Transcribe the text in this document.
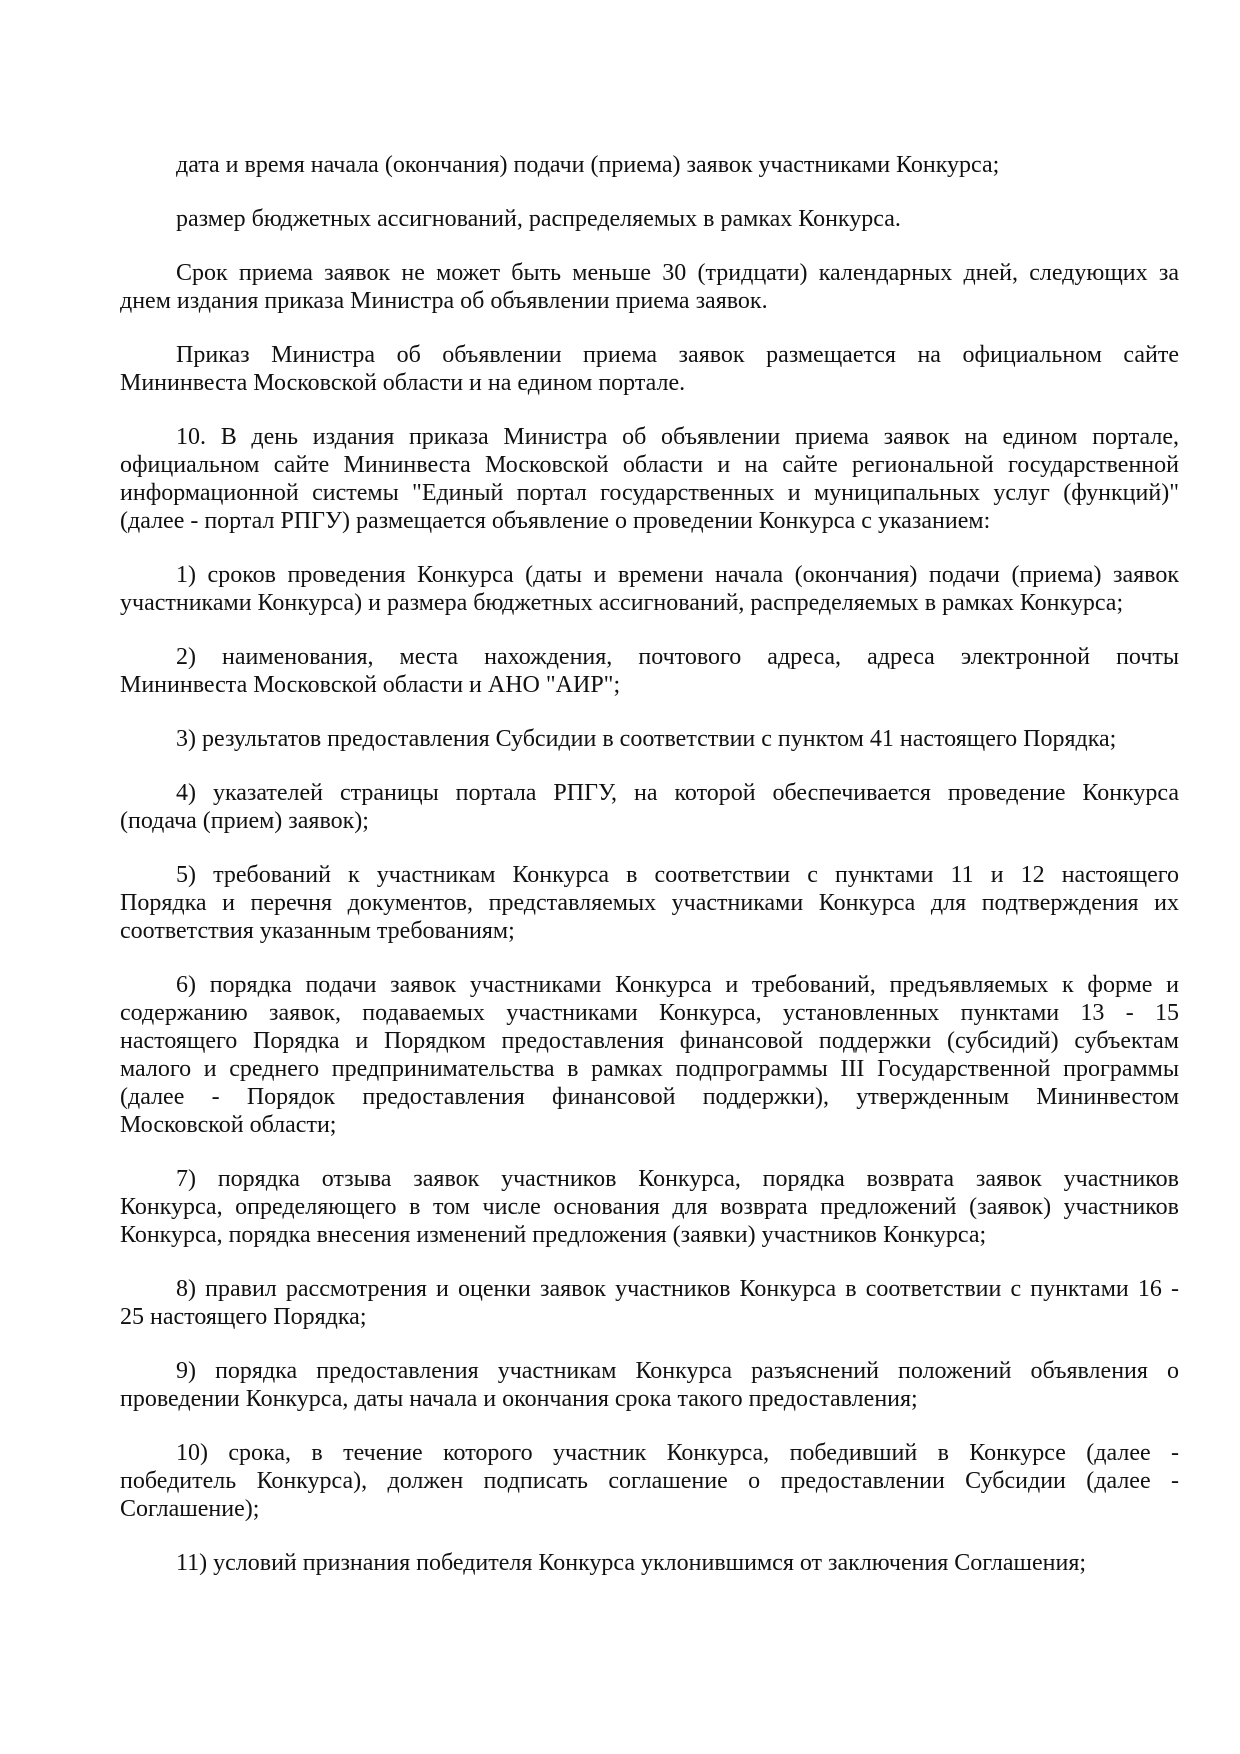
дата и время начала (окончания) подачи (приема) заявок участниками Конкурса;
размер бюджетных ассигнований, распределяемых в рамках Конкурса.
Срок приема заявок не может быть меньше 30 (тридцати) календарных дней, следующих за
днем издания приказа Министра об объявлении приема заявок.
Приказ Министра об объявлении приема заявок размещается на официальном сайте
Мининвеста Московской области и на едином портале.
10. В день издания приказа Министра об объявлении приема заявок на едином портале,
официальном сайте Мининвеста Московской области и на сайте региональной государственной
информационной системы "Единый портал государственных и муниципальных услуг (функций)"
(далее - портал РПГУ) размещается объявление о проведении Конкурса с указанием:
1) сроков проведения Конкурса (даты и времени начала (окончания) подачи (приема) заявок
участниками Конкурса) и размера бюджетных ассигнований, распределяемых в рамках Конкурса;
2) наименования, места нахождения, почтового адреса, адреса электронной почты
Мининвеста Московской области и АНО "АИР";
3) результатов предоставления Субсидии в соответствии с пунктом 41 настоящего Порядка;
4) указателей страницы портала РПГУ, на которой обеспечивается проведение Конкурса
(подача (прием) заявок);
5) требований к участникам Конкурса в соответствии с пунктами 11 и 12 настоящего
Порядка и перечня документов, представляемых участниками Конкурса для подтверждения их
соответствия указанным требованиям;
6) порядка подачи заявок участниками Конкурса и требований, предъявляемых к форме и
содержанию заявок, подаваемых участниками Конкурса, установленных пунктами 13 - 15
настоящего Порядка и Порядком предоставления финансовой поддержки (субсидий) субъектам
малого и среднего предпринимательства в рамках подпрограммы III Государственной программы
(далее - Порядок предоставления финансовой поддержки), утвержденным Мининвестом
Московской области;
7) порядка отзыва заявок участников Конкурса, порядка возврата заявок участников
Конкурса, определяющего в том числе основания для возврата предложений (заявок) участников
Конкурса, порядка внесения изменений предложения (заявки) участников Конкурса;
8) правил рассмотрения и оценки заявок участников Конкурса в соответствии с пунктами 16 -
25 настоящего Порядка;
9) порядка предоставления участникам Конкурса разъяснений положений объявления о
проведении Конкурса, даты начала и окончания срока такого предоставления;
10) срока, в течение которого участник Конкурса, победивший в Конкурсе (далее -
победитель Конкурса), должен подписать соглашение о предоставлении Субсидии (далее -
Соглашение);
11) условий признания победителя Конкурса уклонившимся от заключения Соглашения;
